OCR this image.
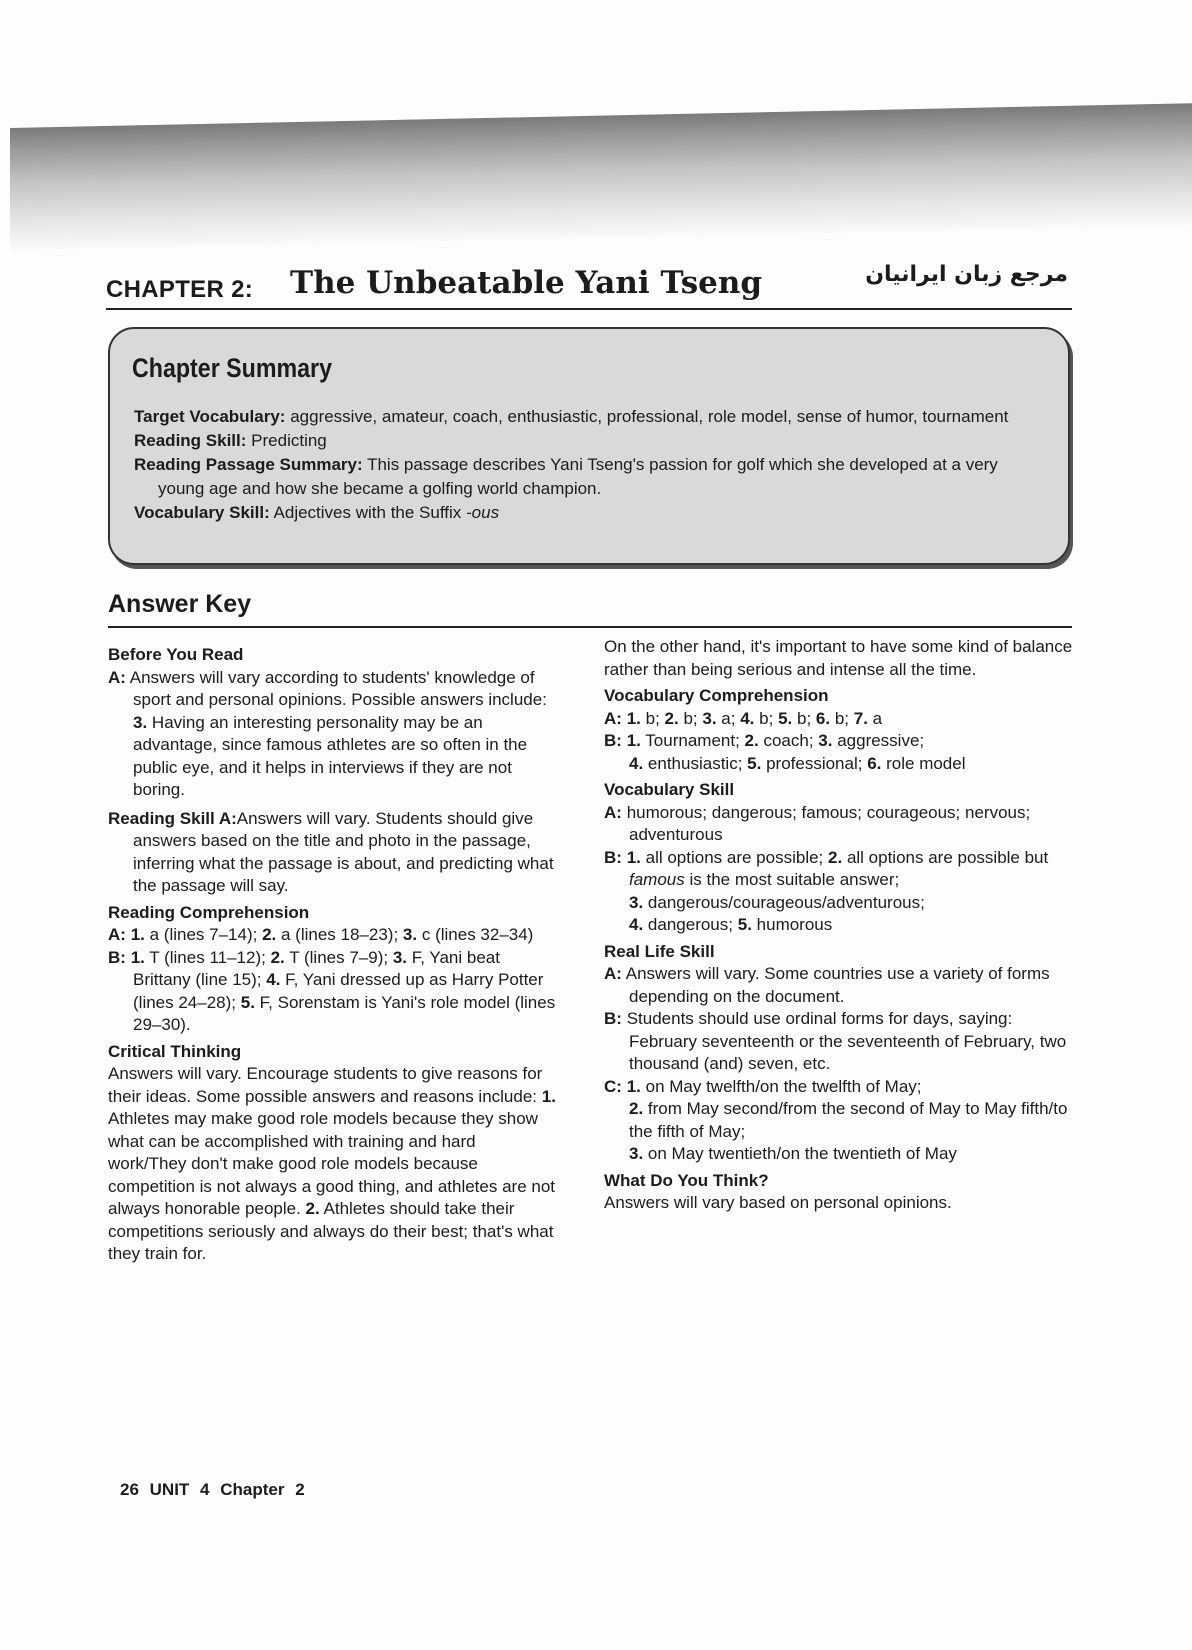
CHAPTER 2: The Unbeatable Yani Tseng	مرجع زبان ایرانیان
Chapter Summary

Target Vocabulary: aggressive, amateur, coach, enthusiastic, professional, role model, sense of humor, tournament

Reading Skill: Predicting

Reading Passage Summary: This passage describes Yani Tseng's passion for golf which she developed at a very young age and how she became a golfing world champion.

Vocabulary Skill: Adjectives with the Suffix -ous

Answer Key

Before You Read

A: Answers will vary according to students' knowledge of sport and personal opinions. Possible answers include: 3. Having an interesting personality may be an advantage, since famous athletes are so often in the public eye, and it helps in interviews if they are not boring.

Reading Skill A:Answers will vary. Students should give answers based on the title and photo in the passage, inferring what the passage is about, and predicting what the passage will say.

Reading Comprehension

A: 1. a (lines 7–14); 2. a (lines 18–23); 3. c (lines 32–34)

B: 1. T (lines 11–12); 2. T (lines 7–9); 3. F, Yani beat Brittany (line 15); 4. F, Yani dressed up as Harry Potter (lines 24–28); 5. F, Sorenstam is Yani's role model (lines 29–30).

Critical Thinking

Answers will vary. Encourage students to give reasons for their ideas. Some possible answers and reasons include: 1. Athletes may make good role models because they show what can be accomplished with training and hard work/They don't make good role models because competition is not always a good thing, and athletes are not always honorable people. 2. Athletes should take their competitions seriously and always do their best; that's what they train for.

On the other hand, it's important to have some kind of balance rather than being serious and intense all the time.

Vocabulary Comprehension

A: 1. b; 2. b; 3. a; 4. b; 5. b; 6. b; 7. a

B: 1. Tournament; 2. coach; 3. aggressive;

4. enthusiastic; 5. professional; 6. role model

Vocabulary Skill

A: humorous; dangerous; famous; courageous; nervous; adventurous

B: 1. all options are possible; 2. all options are possible but famous is the most suitable answer;

3. dangerous/courageous/adventurous;

4. dangerous; 5. humorous

Real Life Skill

A: Answers will vary. Some countries use a variety of forms depending on the document.

B: Students should use ordinal forms for days, saying: February seventeenth or the seventeenth of February, two thousand (and) seven, etc.

C: 1. on May twelfth/on the twelfth of May;

2. from May second/from the second of May to May fifth/to the fifth of May;

3. on May twentieth/on the twentieth of May

What Do You Think?

Answers will vary based on personal opinions.

26 UNIT 4 Chapter 2
